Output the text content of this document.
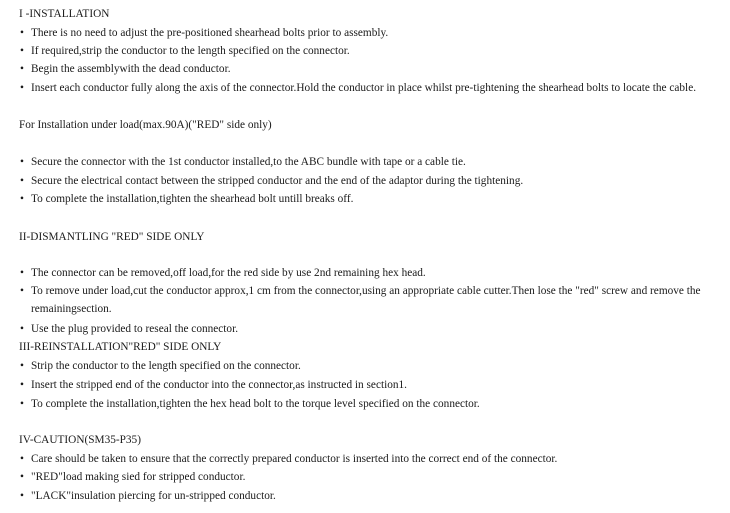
I -INSTALLATION
• There is no need to adjust the pre-positioned shearhead bolts prior to assembly.
• If required,strip the conductor to the length specified on the connector.
• Begin the assemblywith the dead conductor.
• Insert each conductor fully along the axis of the connector.Hold the conductor in place whilst pre-tightening the shearhead bolts to locate the cable.
For Installation under load(max.90A)("RED" side only)
• Secure the connector with the 1st conductor installed,to the ABC bundle with tape or a cable tie.
• Secure the electrical contact between the stripped conductor and the end of the adaptor during the tightening.
• To complete the installation,tighten the shearhead bolt untill breaks off.
II-DISMANTLING "RED" SIDE ONLY
• The connector can be removed,off load,for the red side by use 2nd remaining hex head.
• To remove under load,cut the conductor approx,1 cm from the connector,using an appropriate cable cutter.Then lose the "red" screw and remove the remainingsection.
• Use the plug provided to reseal the connector.
III-REINSTALLATION"RED" SIDE ONLY
• Strip the conductor to the length specified on the connector.
• Insert the stripped end of the conductor into the connector,as instructed in section1.
• To complete the installation,tighten the hex head bolt to the torque level specified on the connector.
IV-CAUTION(SM35-P35)
• Care should be taken to ensure that the correctly prepared conductor is inserted into the correct end of the connector.
• "RED"load making sied for stripped conductor.
• "LACK"insulation piercing for un-stripped conductor.
